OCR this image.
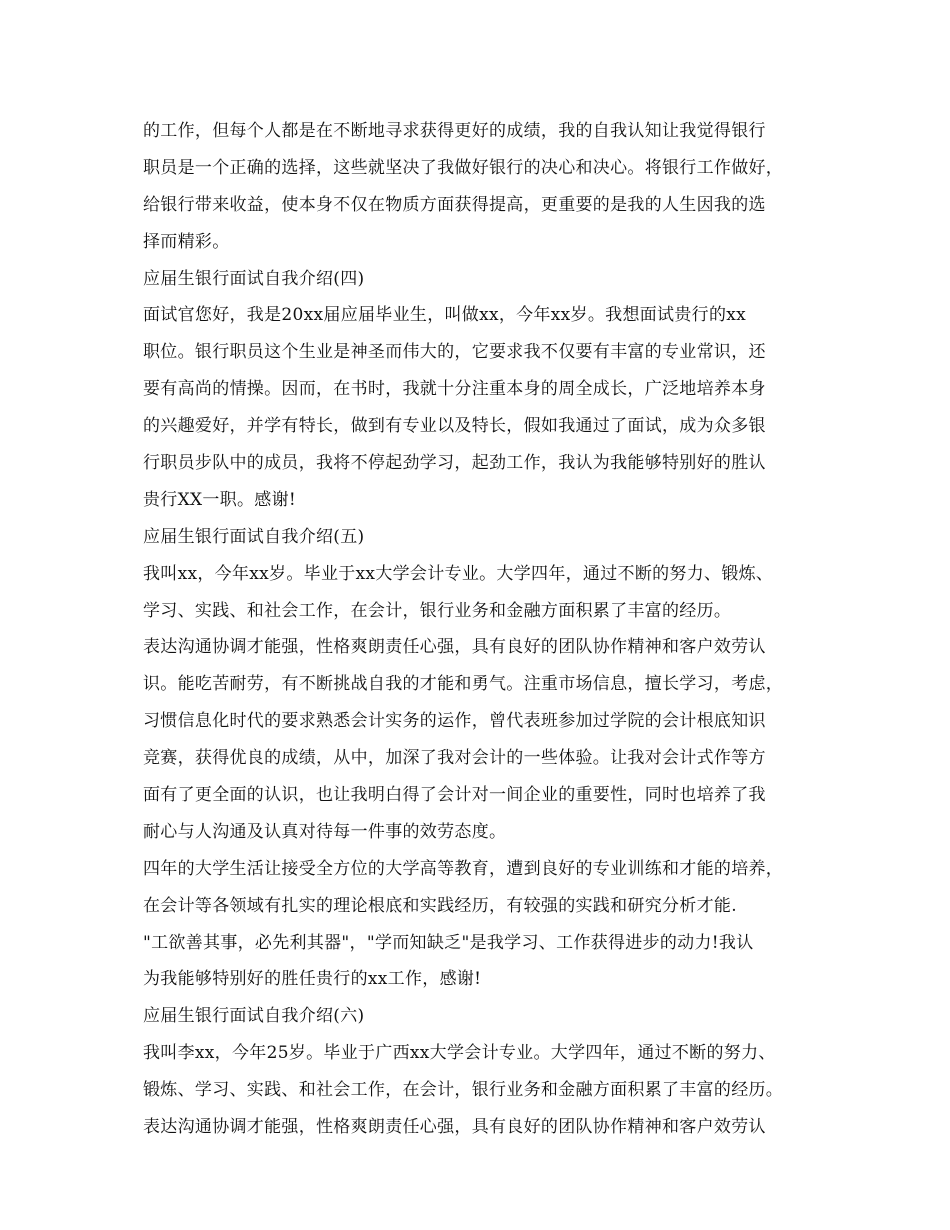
的工作，但每个人都是在不断地寻求获得更好的成绩，我的自我认知让我觉得银行
职员是一个正确的选择，这些就坚决了我做好银行的决心和决心。将银行工作做好，
给银行带来收益，使本身不仅在物质方面获得提高，更重要的是我的人生因我的选
择而精彩。
应届生银行面试自我介绍(四)
面试官您好，我是20xx届应届毕业生，叫做xx，今年xx岁。我想面试贵行的xx
职位。银行职员这个生业是神圣而伟大的，它要求我不仅要有丰富的专业常识，还
要有高尚的情操。因而，在书时，我就十分注重本身的周全成长，广泛地培养本身
的兴趣爱好，并学有特长，做到有专业以及特长，假如我通过了面试，成为众多银
行职员步队中的成员，我将不停起劲学习，起劲工作，我认为我能够特别好的胜认
贵行XX一职。感谢!
应届生银行面试自我介绍(五)
我叫xx，今年xx岁。毕业于xx大学会计专业。大学四年，通过不断的努力、锻炼、
学习、实践、和社会工作，在会计，银行业务和金融方面积累了丰富的经历。
表达沟通协调才能强，性格爽朗责任心强，具有良好的团队协作精神和客户效劳认
识。能吃苦耐劳，有不断挑战自我的才能和勇气。注重市场信息，擅长学习，考虑，
习惯信息化时代的要求熟悉会计实务的运作，曾代表班参加过学院的会计根底知识
竞赛，获得优良的成绩，从中，加深了我对会计的一些体验。让我对会计式作等方
面有了更全面的认识，也让我明白得了会计对一间企业的重要性，同时也培养了我
耐心与人沟通及认真对待每一件事的效劳态度。
四年的大学生活让接受全方位的大学高等教育，遭到良好的专业训练和才能的培养，
在会计等各领域有扎实的理论根底和实践经历，有较强的实践和研究分析才能.
"工欲善其事，必先利其器"，"学而知缺乏"是我学习、工作获得进步的动力!我认
为我能够特别好的胜任贵行的xx工作，感谢!
应届生银行面试自我介绍(六)
我叫李xx，今年25岁。毕业于广西xx大学会计专业。大学四年，通过不断的努力、
锻炼、学习、实践、和社会工作，在会计，银行业务和金融方面积累了丰富的经历。
表达沟通协调才能强，性格爽朗责任心强，具有良好的团队协作精神和客户效劳认
